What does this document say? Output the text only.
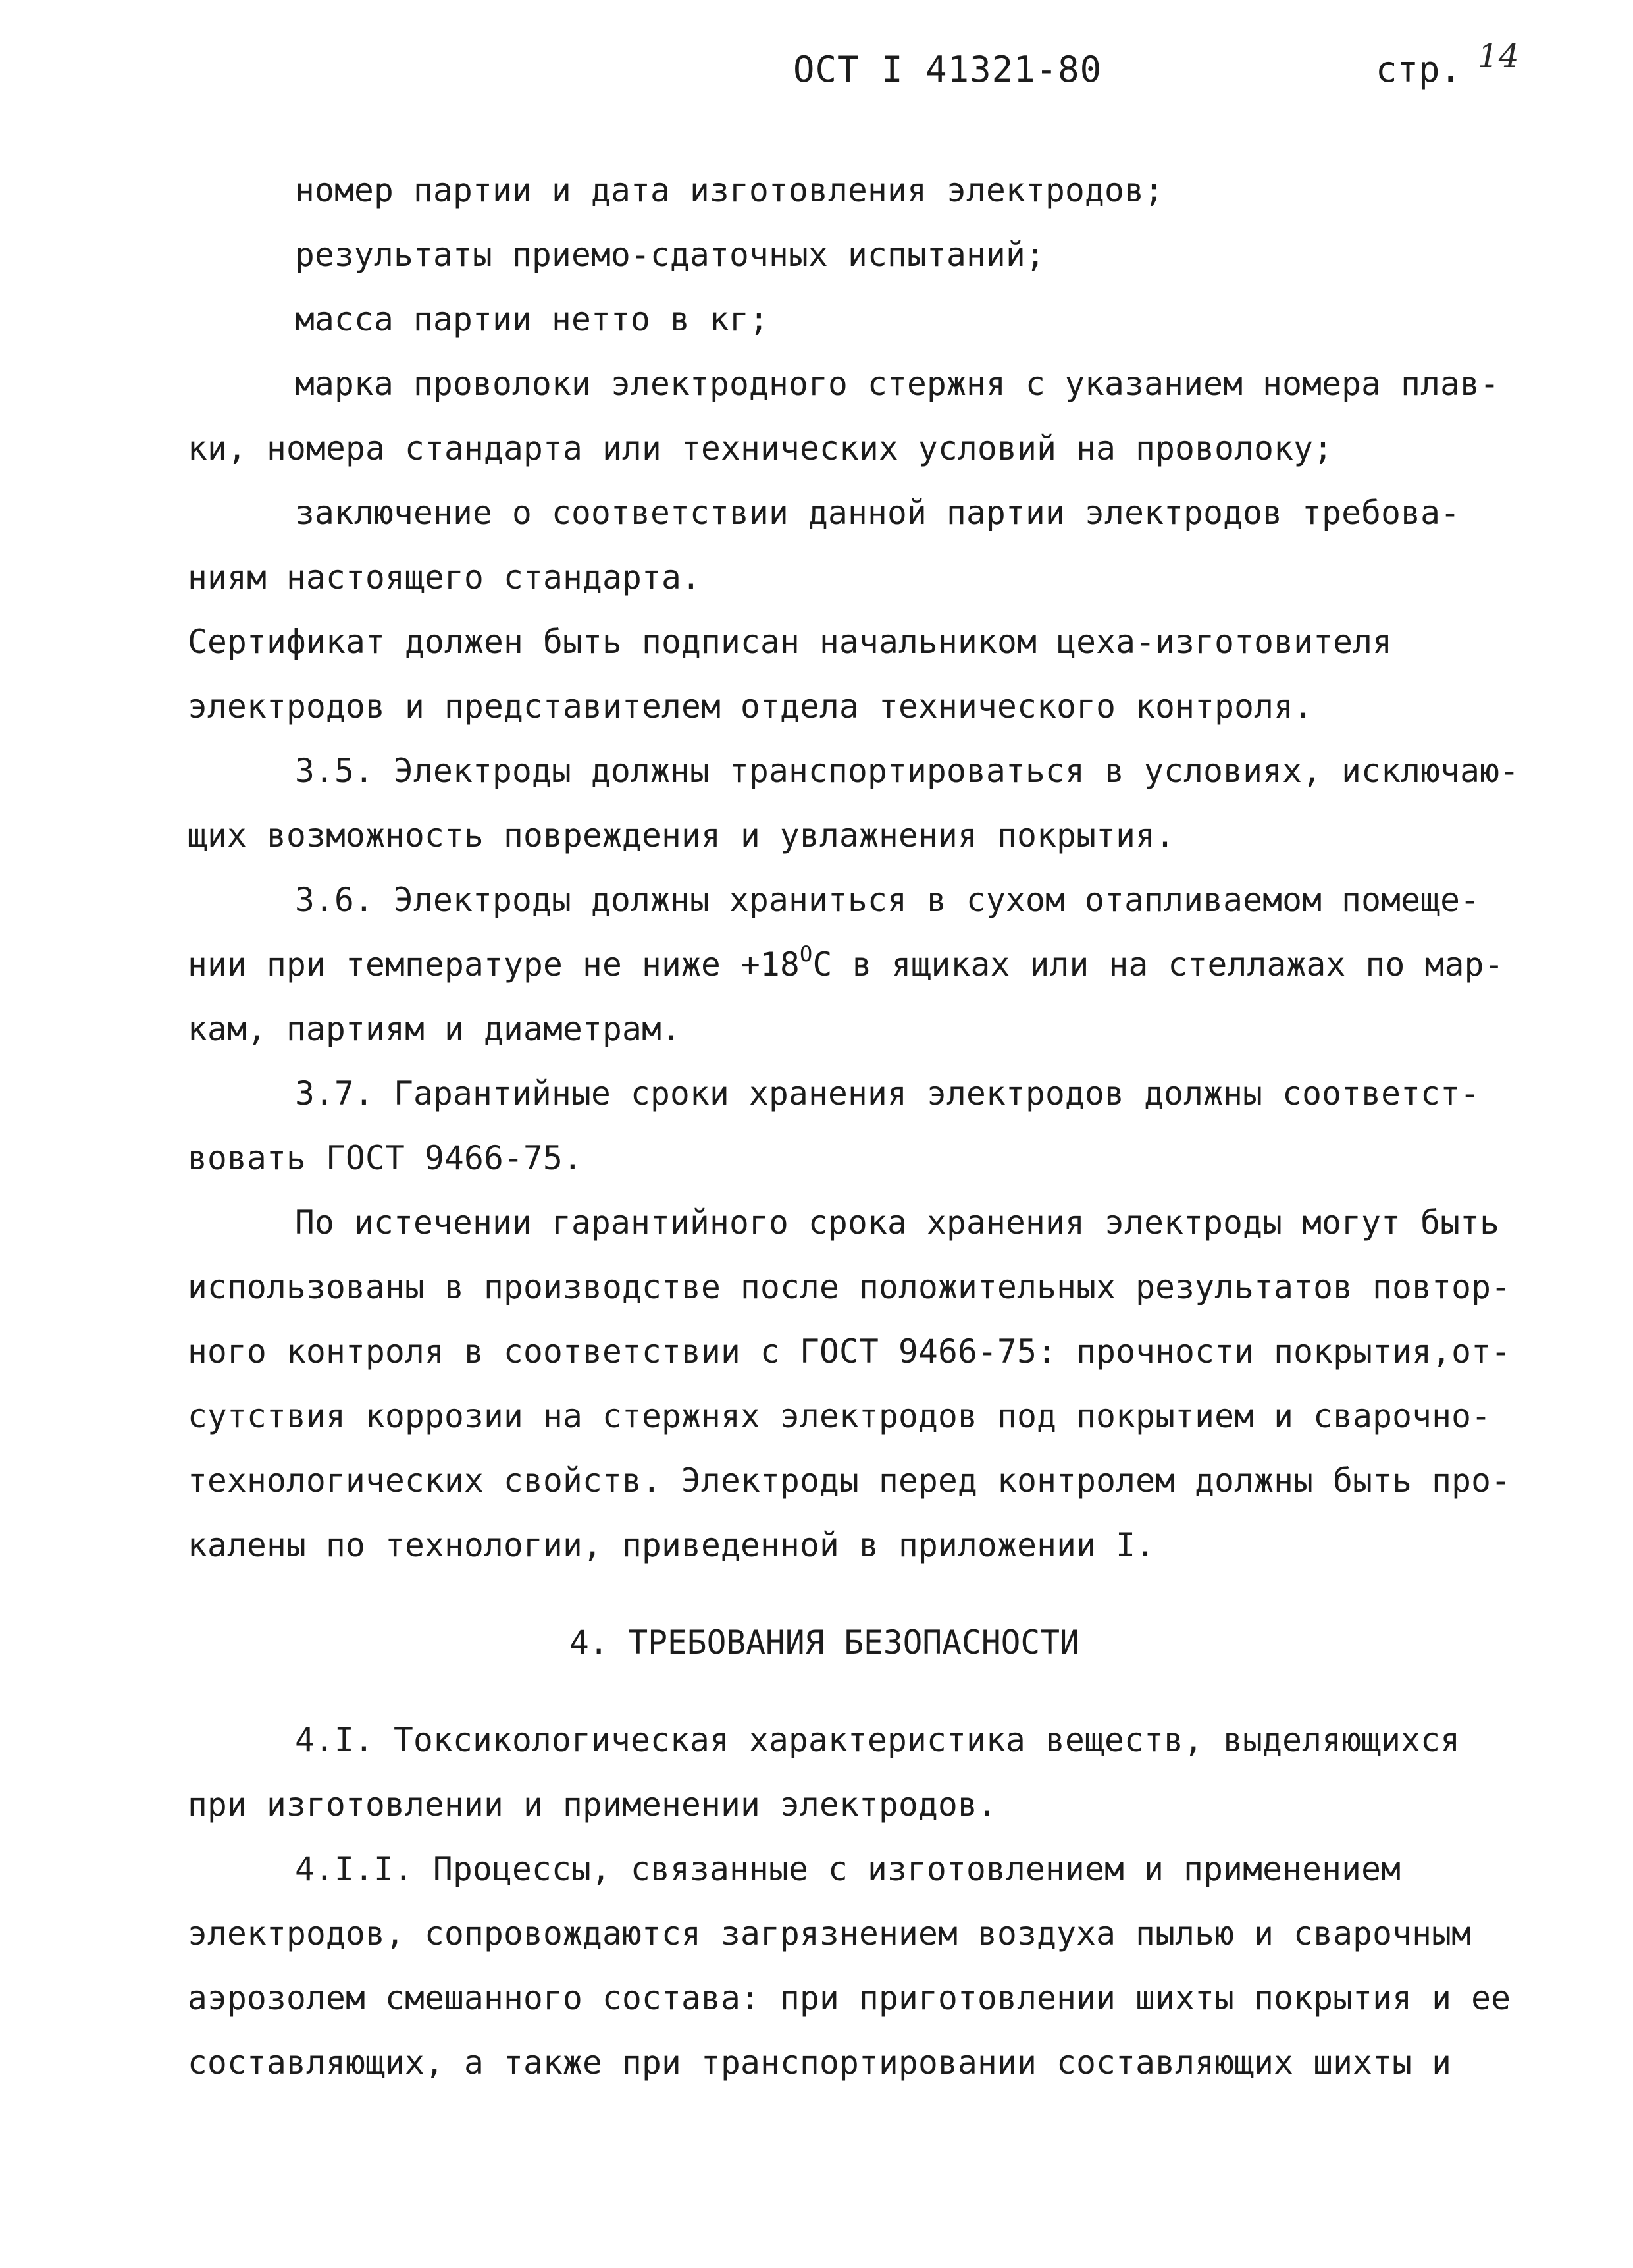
ОСТ I 41321-80	стр. 14
номер партии и дата изготовления электродов;
результаты приемо-сдаточных испытаний;
масса партии нетто в кг;
марка проволоки электродного стержня с указанием номера плав-
ки, номера стандарта или технических условий на проволоку;
заключение о соответствии данной партии электродов требова-
ниям настоящего стандарта.
Сертификат должен быть подписан начальником цеха-изготовителя
электродов и представителем отдела технического контроля.
3.5. Электроды должны транспортироваться в условиях, исключаю-
щих возможность повреждения и увлажнения покрытия.
3.6. Электроды должны храниться в сухом отапливаемом помеще-
нии при температуре не ниже $+18^ОС$ в ящиках или на стеллажах по мар-
кам, партиям и диаметрам.
3.7. Гарантийные сроки хранения электродов должны соответст-
вовать ГОСТ 9466-75.
По истечении гарантийного срока хранения электроды могут быть
использованы в производстве после положительных результатов повтор-
ного контроля в соответствии с ГОСТ 9466-75: прочности покрытия,от-
сутствия коррозии на стержнях электродов под покрытием и сварочно-
технологических свойств. Электроды перед контролем должны быть про-
калены по технологии, приведенной в приложении I.
4. ТРЕБОВАНИЯ БЕЗОПАСНОСТИ
4.I. Токсикологическая характеристика веществ, выделяющихся
при изготовлении и применении электродов.
4.I.I. Процессы, связанные с изготовлением и применением
электродов, сопровождаются загрязнением воздуха пылью и сварочным
аэрозолем смешанного состава: при приготовлении шихты покрытия и ее
составляющих, а также при транспортировании составляющих шихты и
